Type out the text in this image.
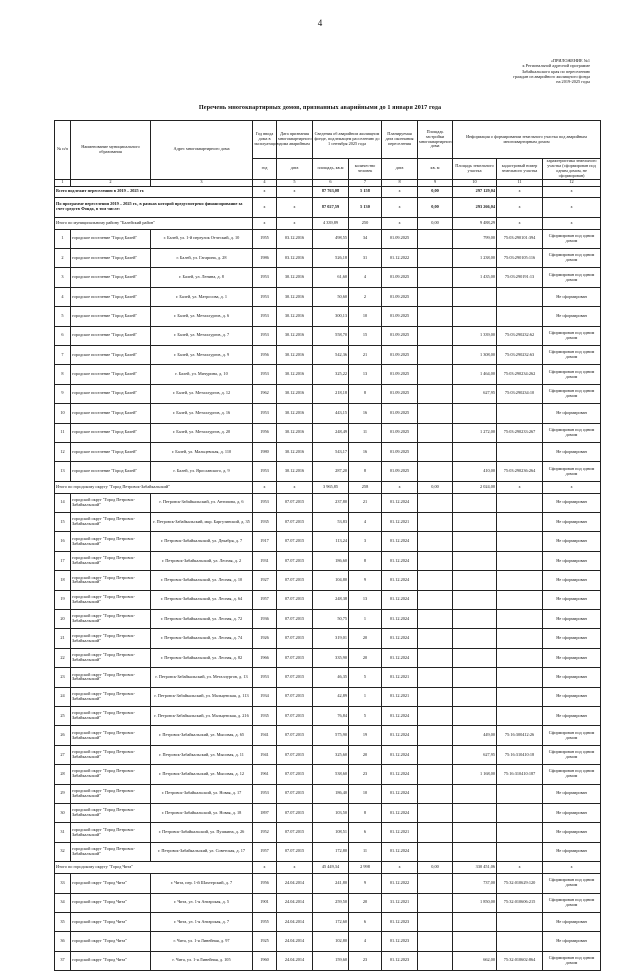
4
«ПРИЛОЖЕНИЕ №1
к Региональной адресной программе
Забайкальского края по переселению
граждан из аварийного жилищного фонда
на 2019-2025 годы
Перечень многоквартирных домов, признанных аварийными до 1 января 2017 года
№ п/п	Наименование муниципального образования	Адрес многоквартирного дома	Год ввода дома в эксплуатацию	Дата признания многоквартирного дома аварийным	Сведения об аварийном жилищном фонде, подлежащем расселению до 1 сентября 2025 года		Планируемая дата окончания переселения	Площадь застройки многоквартирного дома	Информация о формировании земельного участка под аварийным многоквартирным домом		

			год	дата	площадь, кв.м	количество человек	дата	кв. м	Площадь земельного участка	кадастровый номер земельного участка	характеристика земельного участка (сформирован под одним домом, не сформирован)
1	2	3	4	5	6	7	8	9	10	11	12
Всего подлежит переселению в 2019 – 2025 гг.			х	х	87 763,08	5 158	х	0,00	297 129,04	х	х
По программе переселения 2019 – 2025 гг., в рамках которой предусмотрено финансирование за счет средств Фонда, в том числе:			х	х	87 027,59	5 130	х	0,00	293 266,04	х	х
Итого по муниципальному району "Балейский район"			х	х	4 339,89	250	х	0,00	9 488,29	х	х
1	городское поселение "Город Балей"	г. Балей, ул. 1-й переулок Отческий, д. 10	1955	03.12.2016	498,55	34	01.09.2025		799,00	75:03:290101:394	Сформирован под одним домом
2	городское поселение "Город Балей"	г. Балей, ул. Гагарина, д. 28	1986	03.12.2016	526,18	31	01.12.2022		1 238,00	75:03:290105:116	Сформирован под одним домом
3	городское поселение "Город Балей"	г. Балей, ул. Ленина, д. 8	1953	30.12.2016	61,60	4	01.09.2025		1 435,00	75:03:290191:13	Сформирован под одним домом
4	городское поселение "Город Балей"	г. Балей, ул. Матросова, д. 1	1953	30.12.2016	50,60	2	01.09.2025				Не сформирован
5	городское поселение "Город Балей"	г. Балей, ул. Металлургов, д. 6	1953	30.12.2016	300,13	10	01.09.2025				Не сформирован
6	городское поселение "Город Балей"	г. Балей, ул. Металлургов, д. 7	1953	30.12.2016	558,70	15	01.09.2025		1 339,00	75:03:290232:62	Сформирован под одним домом
7	городское поселение "Город Балей"	г. Балей, ул. Металлургов, д. 9	1956	30.12.2016	542,36	21	01.09.2025		1 308,00	75:03:290232:63	Сформирован под одним домом
8	городское поселение "Город Балей"	г. Балей, ул. Мичурина, д. 10	1953	30.12.2016	325,22	13	01.09.2025		1 464,00	75:03:290234:262	Сформирован под одним домом
9	городское поселение "Город Балей"	г. Балей, ул. Металлургов, д. 12	1962	30.12.2016	218,18	8	01.09.2025		627,95	75:03:290234:10	Сформирован под одним домом
10	городское поселение "Город Балей"	г. Балей, ул. Металлургов, д. 16	1953	30.12.2016	443,15	16	01.09.2025				Не сформирован
11	городское поселение "Город Балей"	г. Балей, ул. Металлургов, д. 20	1956	30.12.2016	248,49	11	01.09.2025		1 272,00	75:03:290233:267	Сформирован под одним домом
12	городское поселение "Город Балей"	г. Балей, ул. Мальцевская, д. 110	1980	30.12.2016	543,17	16	01.09.2025				Не сформирован
13	городское поселение "Город Балей"	г. Балей, ул. Ярославского, д. 9	1953	30.12.2016	287,20	8	01.09.2025		410,00	75:03:290236:264	Сформирован под одним домом
Итого по городскому округу "Город Петровск-Забайкальский"			х	х	3 965,85	258	х	0,00	2 024,00	х	х
14	городской округ "Город Петровск-Забайкальский"	г. Петровск-Забайкальский, ул. Антипова, д. 6	1953	07.07.2015	237,80	21	01.12.2024				Не сформирован
15	городской округ "Город Петровск-Забайкальский"	г. Петровск-Забайкальский, мкр. Баргузинский, д. 35	1935	07.07.2015	53,83	4	01.12.2021				Не сформирован
16	городской округ "Город Петровск-Забайкальский"	г. Петровск-Забайкальский, ул. Декабря, д. 7	1917	07.07.2015	113,24	3	01.12.2024				Не сформирован
17	городской округ "Город Петровск-Забайкальский"	г. Петровск-Забайкальский, ул. Лесная, д. 2	1931	07.07.2015	186,60	8	01.12.2024				Не сформирован
18	городской округ "Город Петровск-Забайкальский"	г. Петровск-Забайкальский, ул. Лесная, д. 10	1927	07.07.2015	104,80	9	01.12.2024				Не сформирован
19	городской округ "Город Петровск-Забайкальский"	г. Петровск-Забайкальский, ул. Лесная, д. 64	1957	07.07.2015	248,38	13	01.12.2024				Не сформирован
20	городской округ "Город Петровск-Забайкальский"	г. Петровск-Забайкальский, ул. Лесная, д. 72	1936	07.07.2015	50,75	1	01.12.2024				Не сформирован
21	городской округ "Город Петровск-Забайкальский"	г. Петровск-Забайкальский, ул. Лесная, д. 74	1926	07.07.2015	319,01	20	01.12.2024				Не сформирован
22	городской округ "Город Петровск-Забайкальский"	г. Петровск-Забайкальский, ул. Лесная, д. 82	1966	07.07.2015	335,90	20	01.12.2024				Не сформирован
23	городской округ "Город Петровск-Забайкальский"	г. Петровск-Забайкальский, ул. Металлургов, д. 13	1953	07.07.2015	46,35	5	01.12.2021				Не сформирован
24	городской округ "Город Петровск-Забайкальский"	г. Петровск-Забайкальский, ул. Мальцевская, д. 113	1934	07.07.2015	42,89	1	01.12.2021				Не сформирован
25	городской округ "Город Петровск-Забайкальский"	г. Петровск-Забайкальский, ул. Мальцевская, д. 216	1935	07.07.2015	76,84	5	01.12.2024				Не сформирован
26	городской округ "Город Петровск-Забайкальский"	г. Петровск-Забайкальский, ул. Мысовая, д. 65	1941	07.07.2015	575,90	19	01.12.2024		449,00	75:16:300412:26	Сформирован под одним домом
27	городской округ "Город Петровск-Забайкальский"	г. Петровск-Забайкальский, ул. Мысовая, д. 11	1941	07.07.2015	325,60	20	01.12.2024		627,95	75:16:310410:18	Сформирован под одним домом
28	городской округ "Город Петровск-Забайкальский"	г. Петровск-Забайкальский, ул. Мысовая, д. 12	1961	07.07.2015	538,60	23	01.12.2024		1 168,00	75:16:310410:187	Сформирован под одним домом
29	городской округ "Город Петровск-Забайкальский"	г. Петровск-Забайкальский, ул. Новая, д. 17	1953	07.07.2015	186,40	10	01.12.2024				Не сформирован
30	городской округ "Город Петровск-Забайкальский"	г. Петровск-Забайкальский, ул. Новая, д. 18	1897	07.07.2015	103,50	8	01.12.2024				Не сформирован
31	городской округ "Город Петровск-Забайкальский"	г. Петровск-Забайкальский, ул. Пушкина, д. 26	1952	07.07.2015	108,51	6	01.12.2021				Не сформирован
32	городской округ "Город Петровск-Забайкальский"	г. Петровск-Забайкальский, ул. Советская, д. 17	1957	07.07.2015	172,80	11	01.12.2024				Не сформирован
Итого по городскому округу "Город Чита"			х	х	45 449,34	2 998	х	0,00	330 451,06	х	х
33	городской округ "Город Чита"	г. Чита, пер. 1-й Шахтерский, д. 7	1956	24.04.2014	241,80	9	01.12.2022		737,00	75:32:010629:120	Сформирован под одним домом
34	городской округ "Город Чита"	г. Чита, ул. 1-я Ангарская, д. 5	1901	24.04.2014	259,50	20	31.12.2021		1 850,00	75:32:010606:215	Сформирован под одним домом
35	городской округ "Город Чита"	г. Чита, ул. 1-я Ангарская, д. 7	1955	24.04.2014	172,60	6	01.12.2023				Не сформирован
36	городской округ "Город Чита"	г. Чита, ул. 1-я Линейная, д. 97	1925	24.04.2014	102,80	4	01.12.2023				Не сформирован
37	городской округ "Город Чита"	г. Чита, ул. 1-я Линейная, д. 105	1960	24.04.2014	159,60	23	01.12.2023		662,00	75:32:010602:864	Сформирован под одним домом
